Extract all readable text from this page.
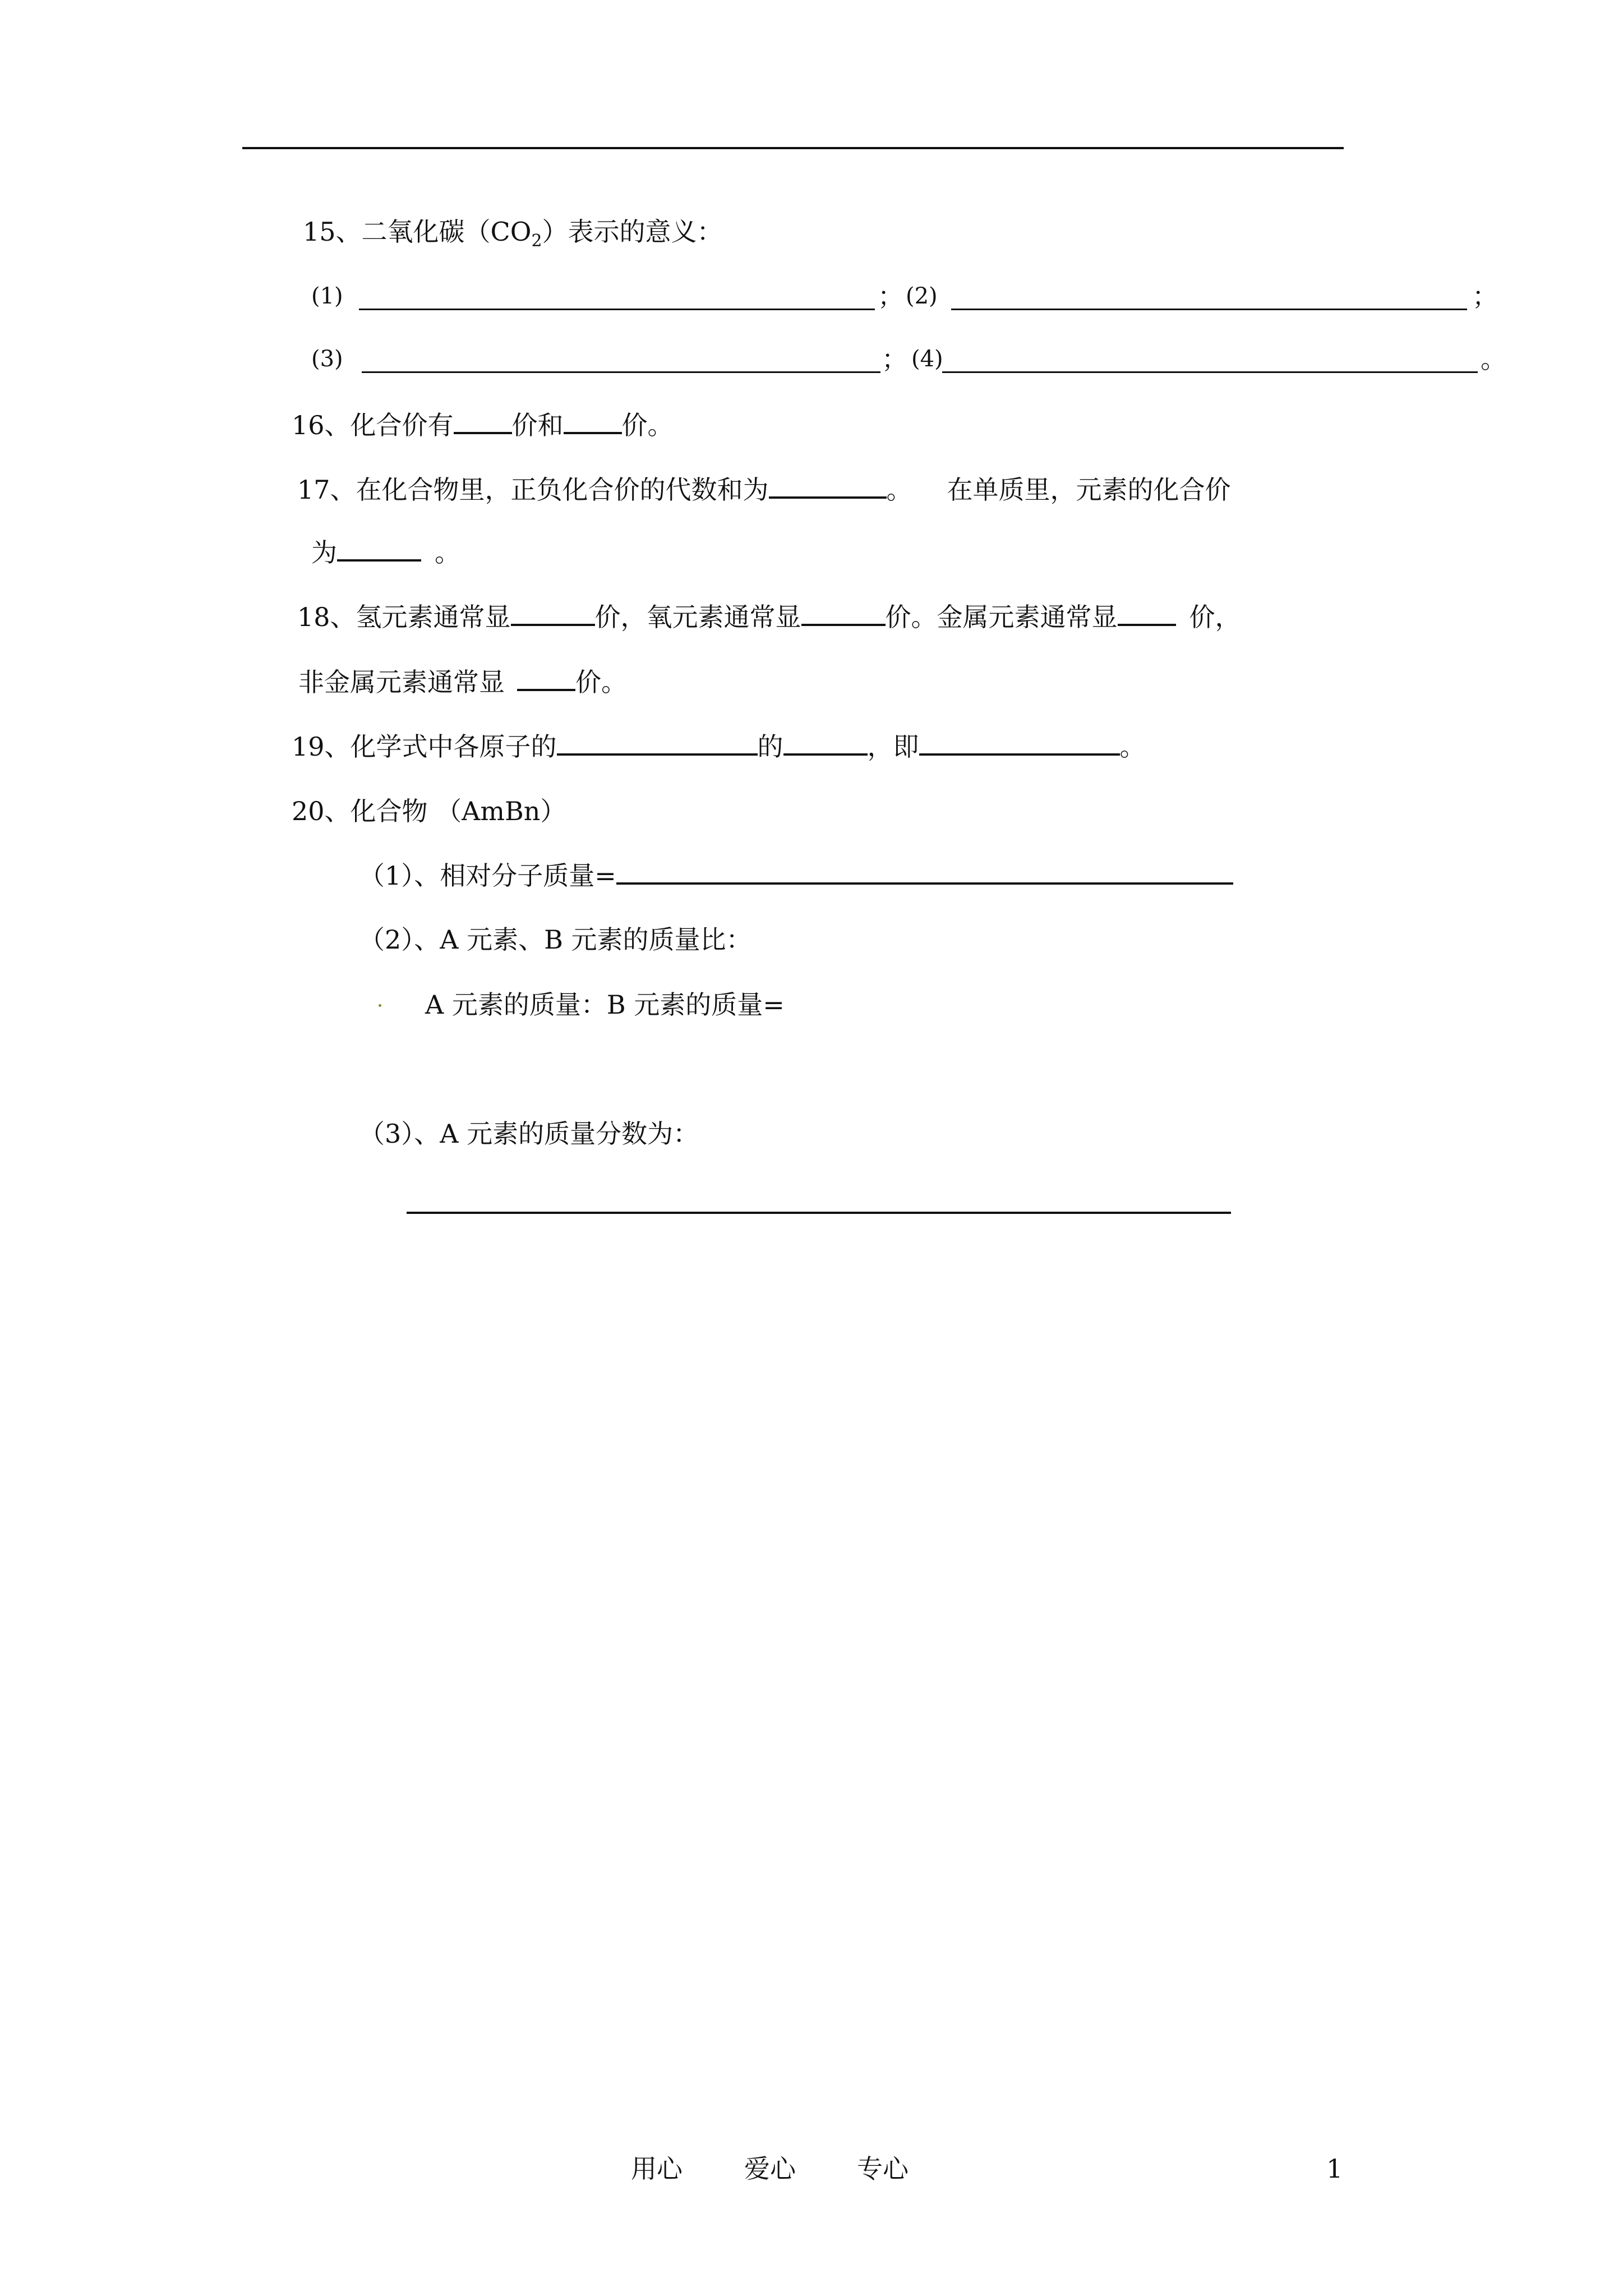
15、二氧化碳$(CO_2)$表示的意义：
(1)	； (2)	；
(3)	； (4)	。
16、化合价有 价和 价。
17、在化合物里，正负化合价的代数和为	。 在单质里，元素的化合价
为	。
18、氢元素通常显	价，氧元素通常显	价。金属元素通常显	价，
非金属元素通常显	价。
19、化学式中各原子的	的	，即	。
20、化合物 （AmBn）
（1）、相对分子质量=
（2）、A 元素、B 元素的质量比：
A 元素的质量：B 元素的质量=
（3）、A 元素的质量分数为：
用心 爱心 专心	1
